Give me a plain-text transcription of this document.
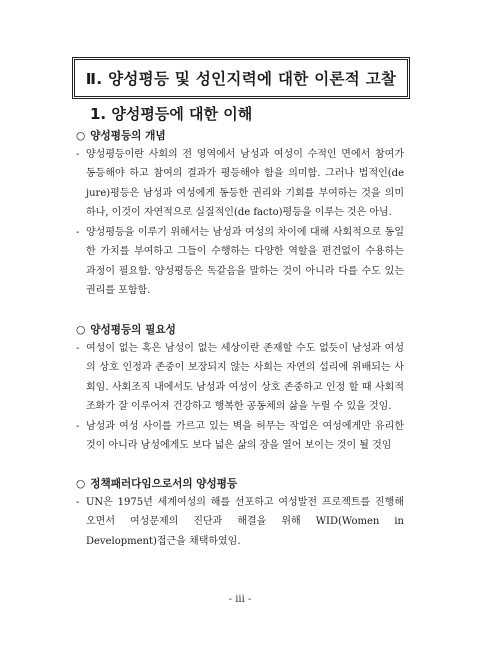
Ⅱ. 양성평등 및 성인지력에 대한 이론적 고찰
1. 양성평등에 대한 이해
○ 양성평등의 개념
- 양성평등이란 사회의 전 영역에서 남성과 여성이 수적인 면에서 참여가 동등해야 하고 참여의 결과가 평등해야 함을 의미함. 그러나 법적인(de jure)평등은 남성과 여성에게 동등한 권리와 기회를 부여하는 것을 의미하나, 이것이 자연적으로 실질적인(de facto)평등을 이루는 것은 아님.
- 양성평등을 이루기 위해서는 남성과 여성의 차이에 대해 사회적으로 동일한 가치를 부여하고 그들이 수행하는 다양한 역할을 편견없이 수용하는 과정이 필요함. 양성평등은 독같음을 말하는 것이 아니라 다를 수도 있는 권리를 포함함.
○ 양성평등의 필요성
- 여성이 없는 혹은 남성이 없는 세상이란 존재할 수도 없듯이 남성과 여성의 상호 인정과 존중이 보장되지 않는 사회는 자연의 섭리에 위배되는 사회임. 사회조직 내에서도 남성과 여성이 상호 존중하고 인정 할 때 사회적 조화가 잘 이루어져 건강하고 행복한 공동체의 삶을 누릴 수 있을 것임.
- 남성과 여성 사이를 가르고 있는 벽을 허무는 작업은 여성에게만 유리한 것이 아니라 남성에게도 보다 넓은 삶의 장을 열어 보이는 것이 될 것임
○ 정책패러다임으로서의 양성평등
- UN은 1975년 세계여성의 해를 선포하고 여성발전 프로젝트를 진행해 오면서 여성문제의 진단과 해결을 위해 WID(Women in Development)접근을 채택하였임.
- iii -
